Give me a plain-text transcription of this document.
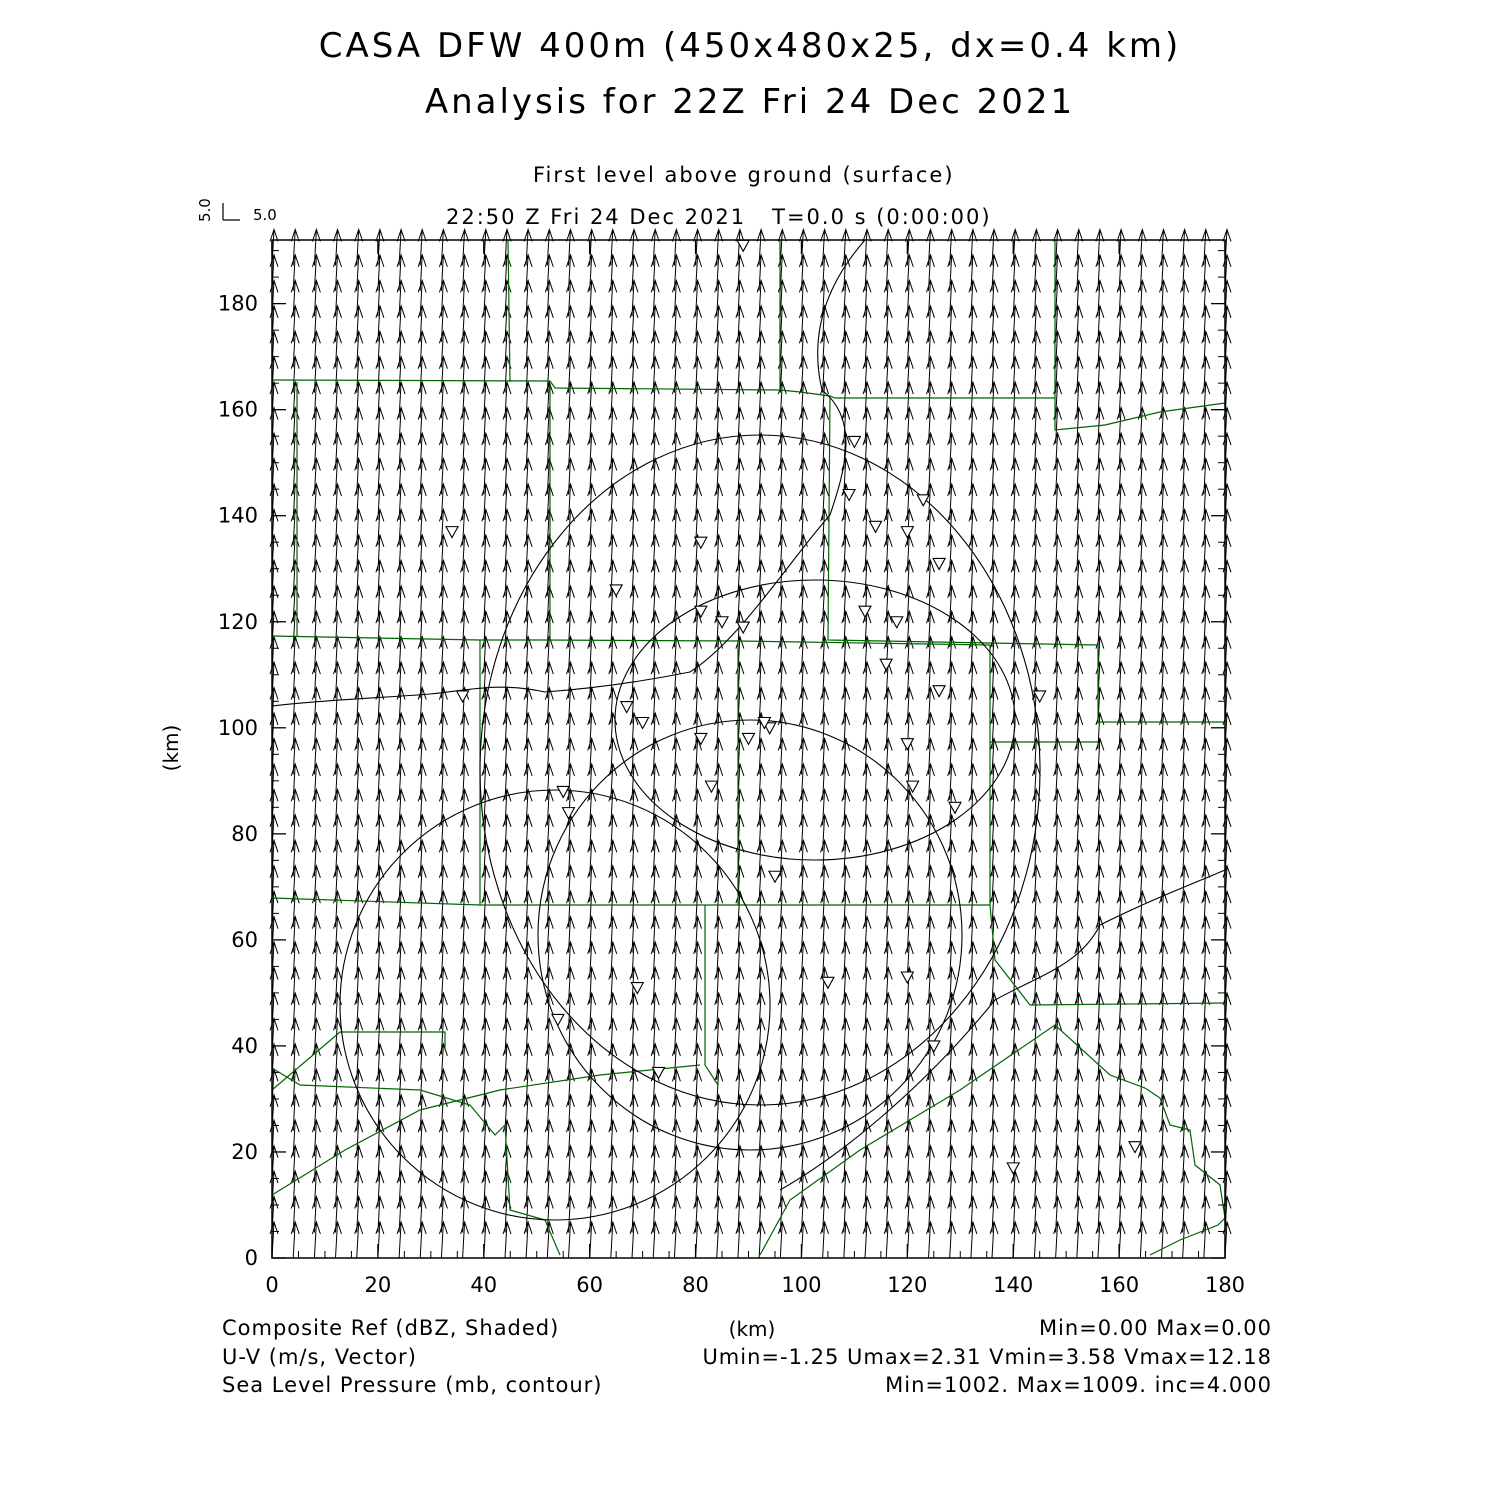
CASA DFW 400m (450x480x25, dx=0.4 km)
Analysis for 22Z Fri 24 Dec 2021
First level above ground (surface)
22:50 Z Fri 24 Dec 2021   T=0.0 s (0:00:00)
5.0	5.0
0	20	40	60	80	100	120	140	160	180
0
20
40
60
80
100
120
140
160
180
(km)
(km)
Composite Ref (dBZ, Shaded)	Min=0.00 Max=0.00
U-V (m/s, Vector)	Umin=-1.25 Umax=2.31 Vmin=3.58 Vmax=12.18
Sea Level Pressure (mb, contour)	Min=1002. Max=1009. inc=4.000
